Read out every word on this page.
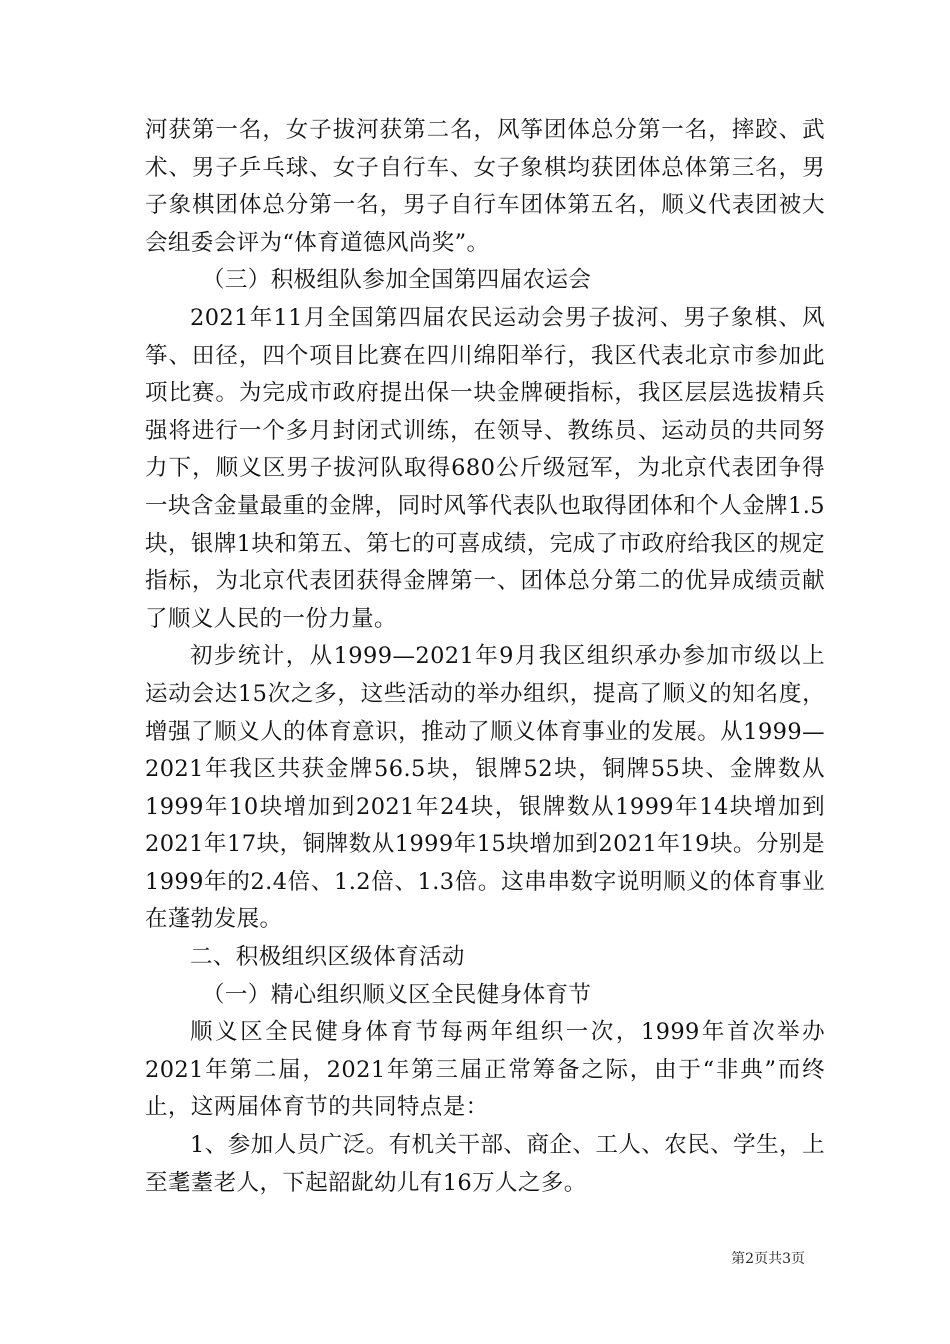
河获第一名，女子拔河获第二名，风筝团体总分第一名，摔跤、武术、男子乒乓球、女子自行车、女子象棋均获团体总体第三名，男子象棋团体总分第一名，男子自行车团体第五名，顺义代表团被大会组委会评为“体育道德风尚奖”。

（三）积极组队参加全国第四届农运会

2021年11月全国第四届农民运动会男子拔河、男子象棋、风筝、田径，四个项目比赛在四川绵阳举行，我区代表北京市参加此项比赛。为完成市政府提出保一块金牌硬指标，我区层层选拔精兵强将进行一个多月封闭式训练，在领导、教练员、运动员的共同努力下，顺义区男子拔河队取得680公斤级冠军，为北京代表团争得一块含金量最重的金牌，同时风筝代表队也取得团体和个人金牌1.5块，银牌1块和第五、第七的可喜成绩，完成了市政府给我区的规定指标，为北京代表团获得金牌第一、团体总分第二的优异成绩贡献了顺义人民的一份力量。

初步统计，从1999—2021年9月我区组织承办参加市级以上运动会达15次之多，这些活动的举办组织，提高了顺义的知名度，增强了顺义人的体育意识，推动了顺义体育事业的发展。从1999—2021年我区共获金牌56.5块，银牌52块，铜牌55块、金牌数从1999年10块增加到2021年24块，银牌数从1999年14块增加到2021年17块，铜牌数从1999年15块增加到2021年19块。分别是1999年的2.4倍、1.2倍、1.3倍。这串串数字说明顺义的体育事业在蓬勃发展。

二、积极组织区级体育活动

（一）精心组织顺义区全民健身体育节

顺义区全民健身体育节每两年组织一次，1999年首次举办2021年第二届，2021年第三届正常筹备之际，由于“非典”而终止，这两届体育节的共同特点是：

1、参加人员广泛。有机关干部、商企、工人、农民、学生，上至耄耋老人，下起韶龀幼儿有16万人之多。

第2页共3页
